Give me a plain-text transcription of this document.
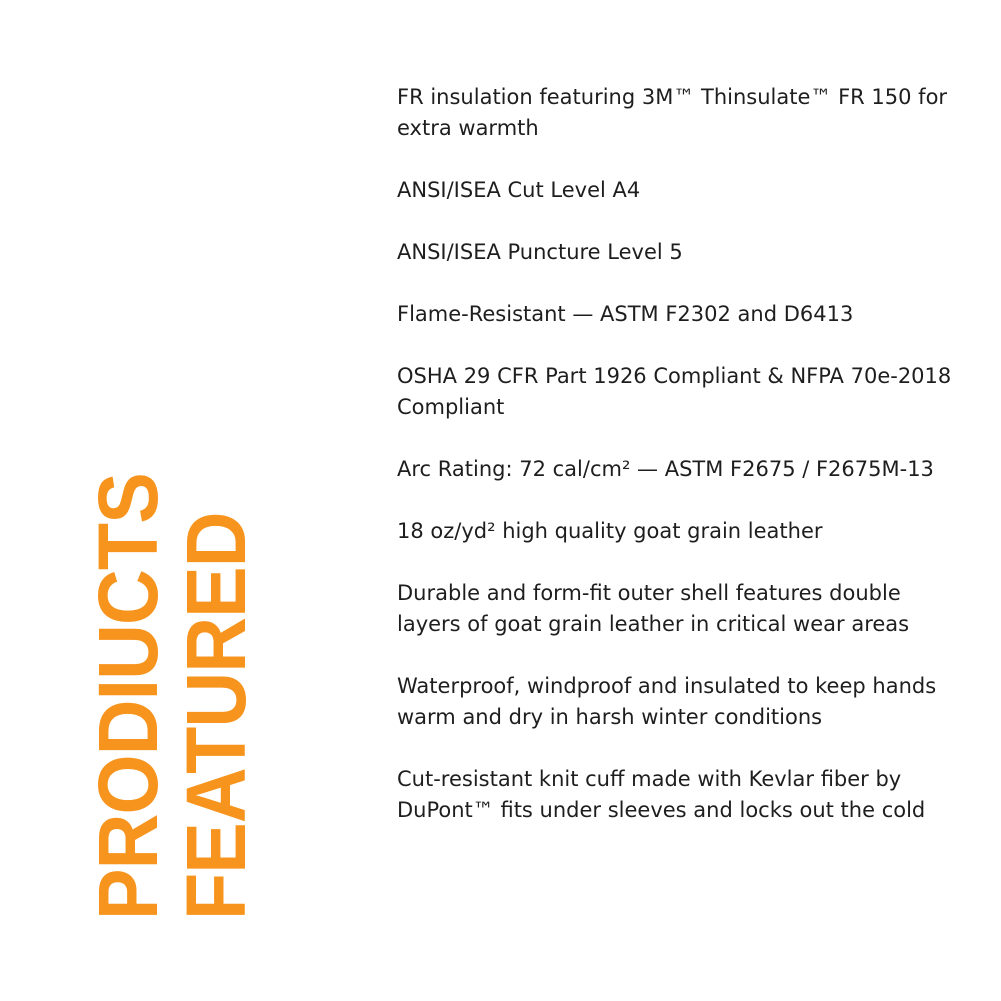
PRODIUCTS
FEATURED
FR insulation featuring 3M™ Thinsulate™ FR 150 for extra warmth
ANSI/ISEA Cut Level A4
ANSI/ISEA Puncture Level 5
Flame-Resistant — ASTM F2302 and D6413
OSHA 29 CFR Part 1926 Compliant & NFPA 70e-2018 Compliant
Arc Rating: 72 cal/cm² — ASTM F2675 / F2675M-13
18 oz/yd² high quality goat grain leather
Durable and form-fit outer shell features double layers of goat grain leather in critical wear areas
Waterproof, windproof and insulated to keep hands warm and dry in harsh winter conditions
Cut-resistant knit cuff made with Kevlar fiber by DuPont™ fits under sleeves and locks out the cold
